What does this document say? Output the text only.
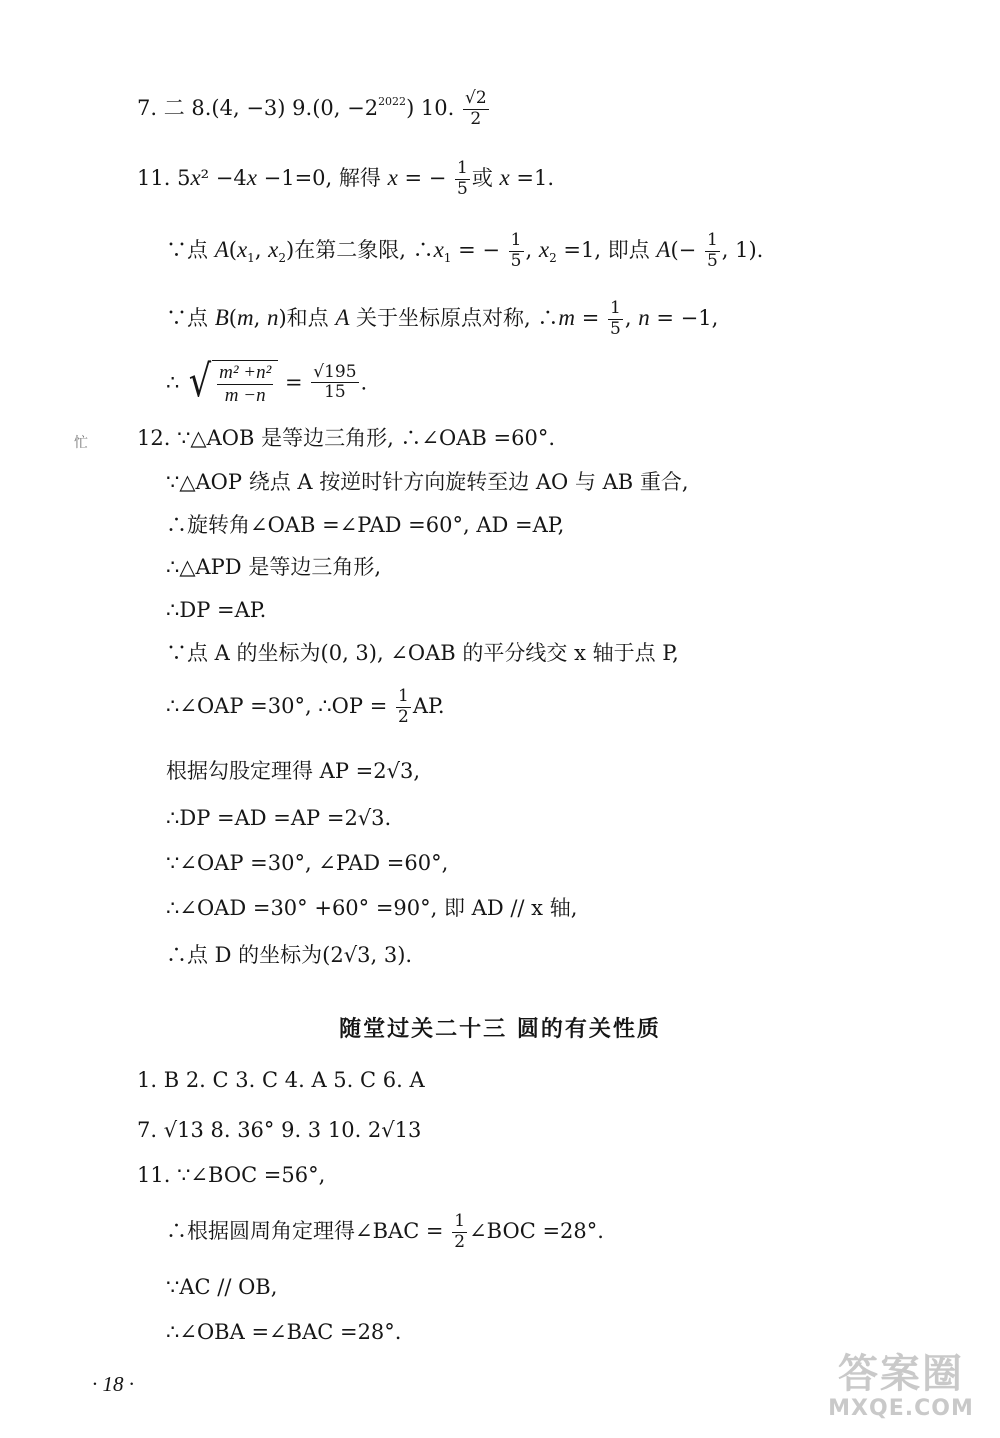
7. 二 8.(4, −3) 9.(0, $-2^{2022}$) 10. $\frac{√2}{2}$
11. 5x² −4x −1=0, 解得 x = − $\frac{1}{5}$ 或 x =1.
∵点 $A(x_1$, $x_2$)在第二象限, $\therefore x_1$ = − $\frac{1}{5}$ , $x_2 =1$, 即点 $A(- \frac{1}{5}$ , 1).
∵点 B(m, n)和点 A 关于坐标原点对称, ∴m = $\frac{1}{5}$ , n = −1,
∴ √ $\frac{\text{m² +n²}}{m -n} = \frac{√195}{15}$ .
忙 12. ∵△AOB 是等边三角形, ∴∠OAB =60°.
∵△AOP 绕点 A 按逆时针方向旋转至边 AO 与 AB 重合,
∴旋转角∠OAB =∠PAD =60°, AD =AP,
∴△APD 是等边三角形,
∴DP =AP.
∵点 A 的坐标为(0, 3), ∠OAB 的平分线交 x 轴于点 P,
∴∠OAP =30°, ∴OP = $\frac{1}{2}$ AP.
根据勾股定理得 AP =2√3,
∴DP =AD =AP =2√3.
∵∠OAP =30°, ∠PAD =60°,
∴∠OAD =30° +60° =90°, 即 AD // x 轴,
∴点 D 的坐标为(2√3, 3).
随堂过关二十三 圆的有关性质
1. B 2. C 3. C 4. A 5. C 6. A
7. √13 8. 36° 9. 3 10. 2√13
11. ∵∠BOC =56°,
∴根据圆周角定理得∠BAC = $\frac{1}{2}$ ∠BOC =28°.
∵AC // OB,
∴∠OBA =∠BAC =28°.
· 18 ·	答案圈
MXQE.COM
